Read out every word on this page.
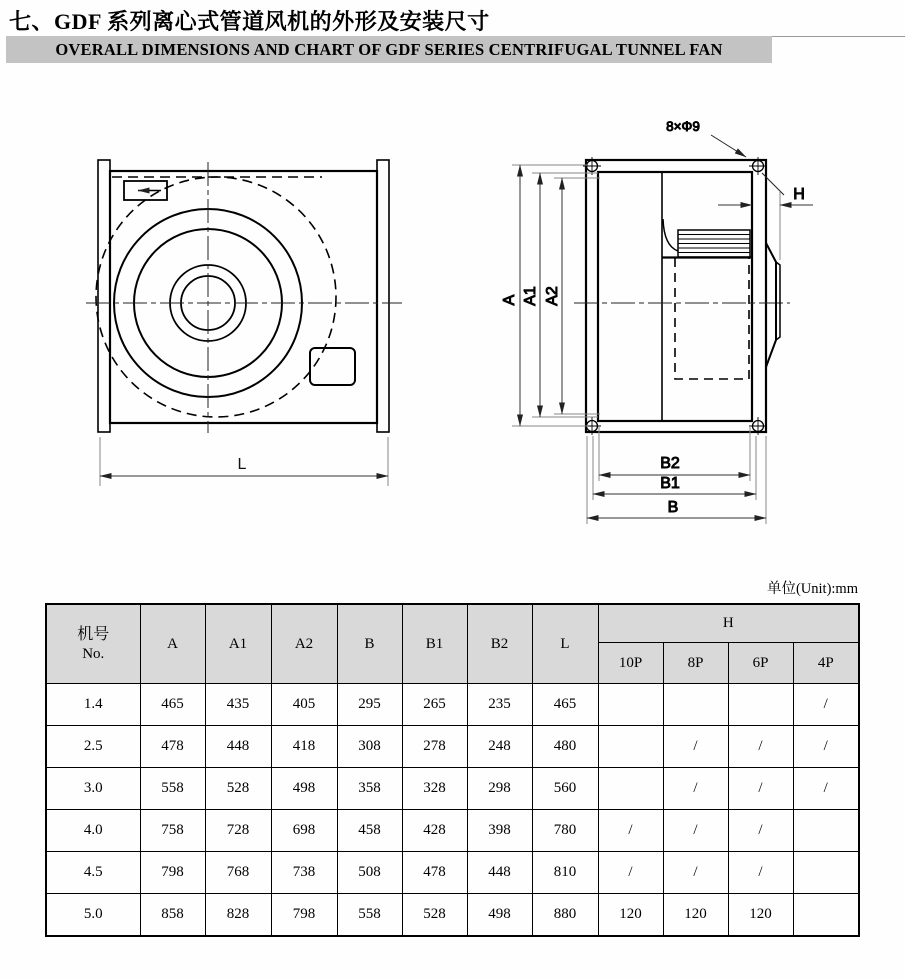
七、GDF 系列离心式管道风机的外形及安装尺寸
OVERALL DIMENSIONS AND CHART OF GDF SERIES CENTRIFUGAL TUNNEL FAN
L
8×Φ9
H
A A1 A2
B2
B1
B
单位(Unit):mm
机号
No.	A	A1	A2	B	B1	B2	L	H			
								10P	8P	6P	4P
1.4	465	435	405	295	265	235	465				/
2.5	478	448	418	308	278	248	480		/	/	/
3.0	558	528	498	358	328	298	560		/	/	/
4.0	758	728	698	458	428	398	780	/	/	/	
4.5	798	768	738	508	478	448	810	/	/	/	
5.0	858	828	798	558	528	498	880	120	120	120	
